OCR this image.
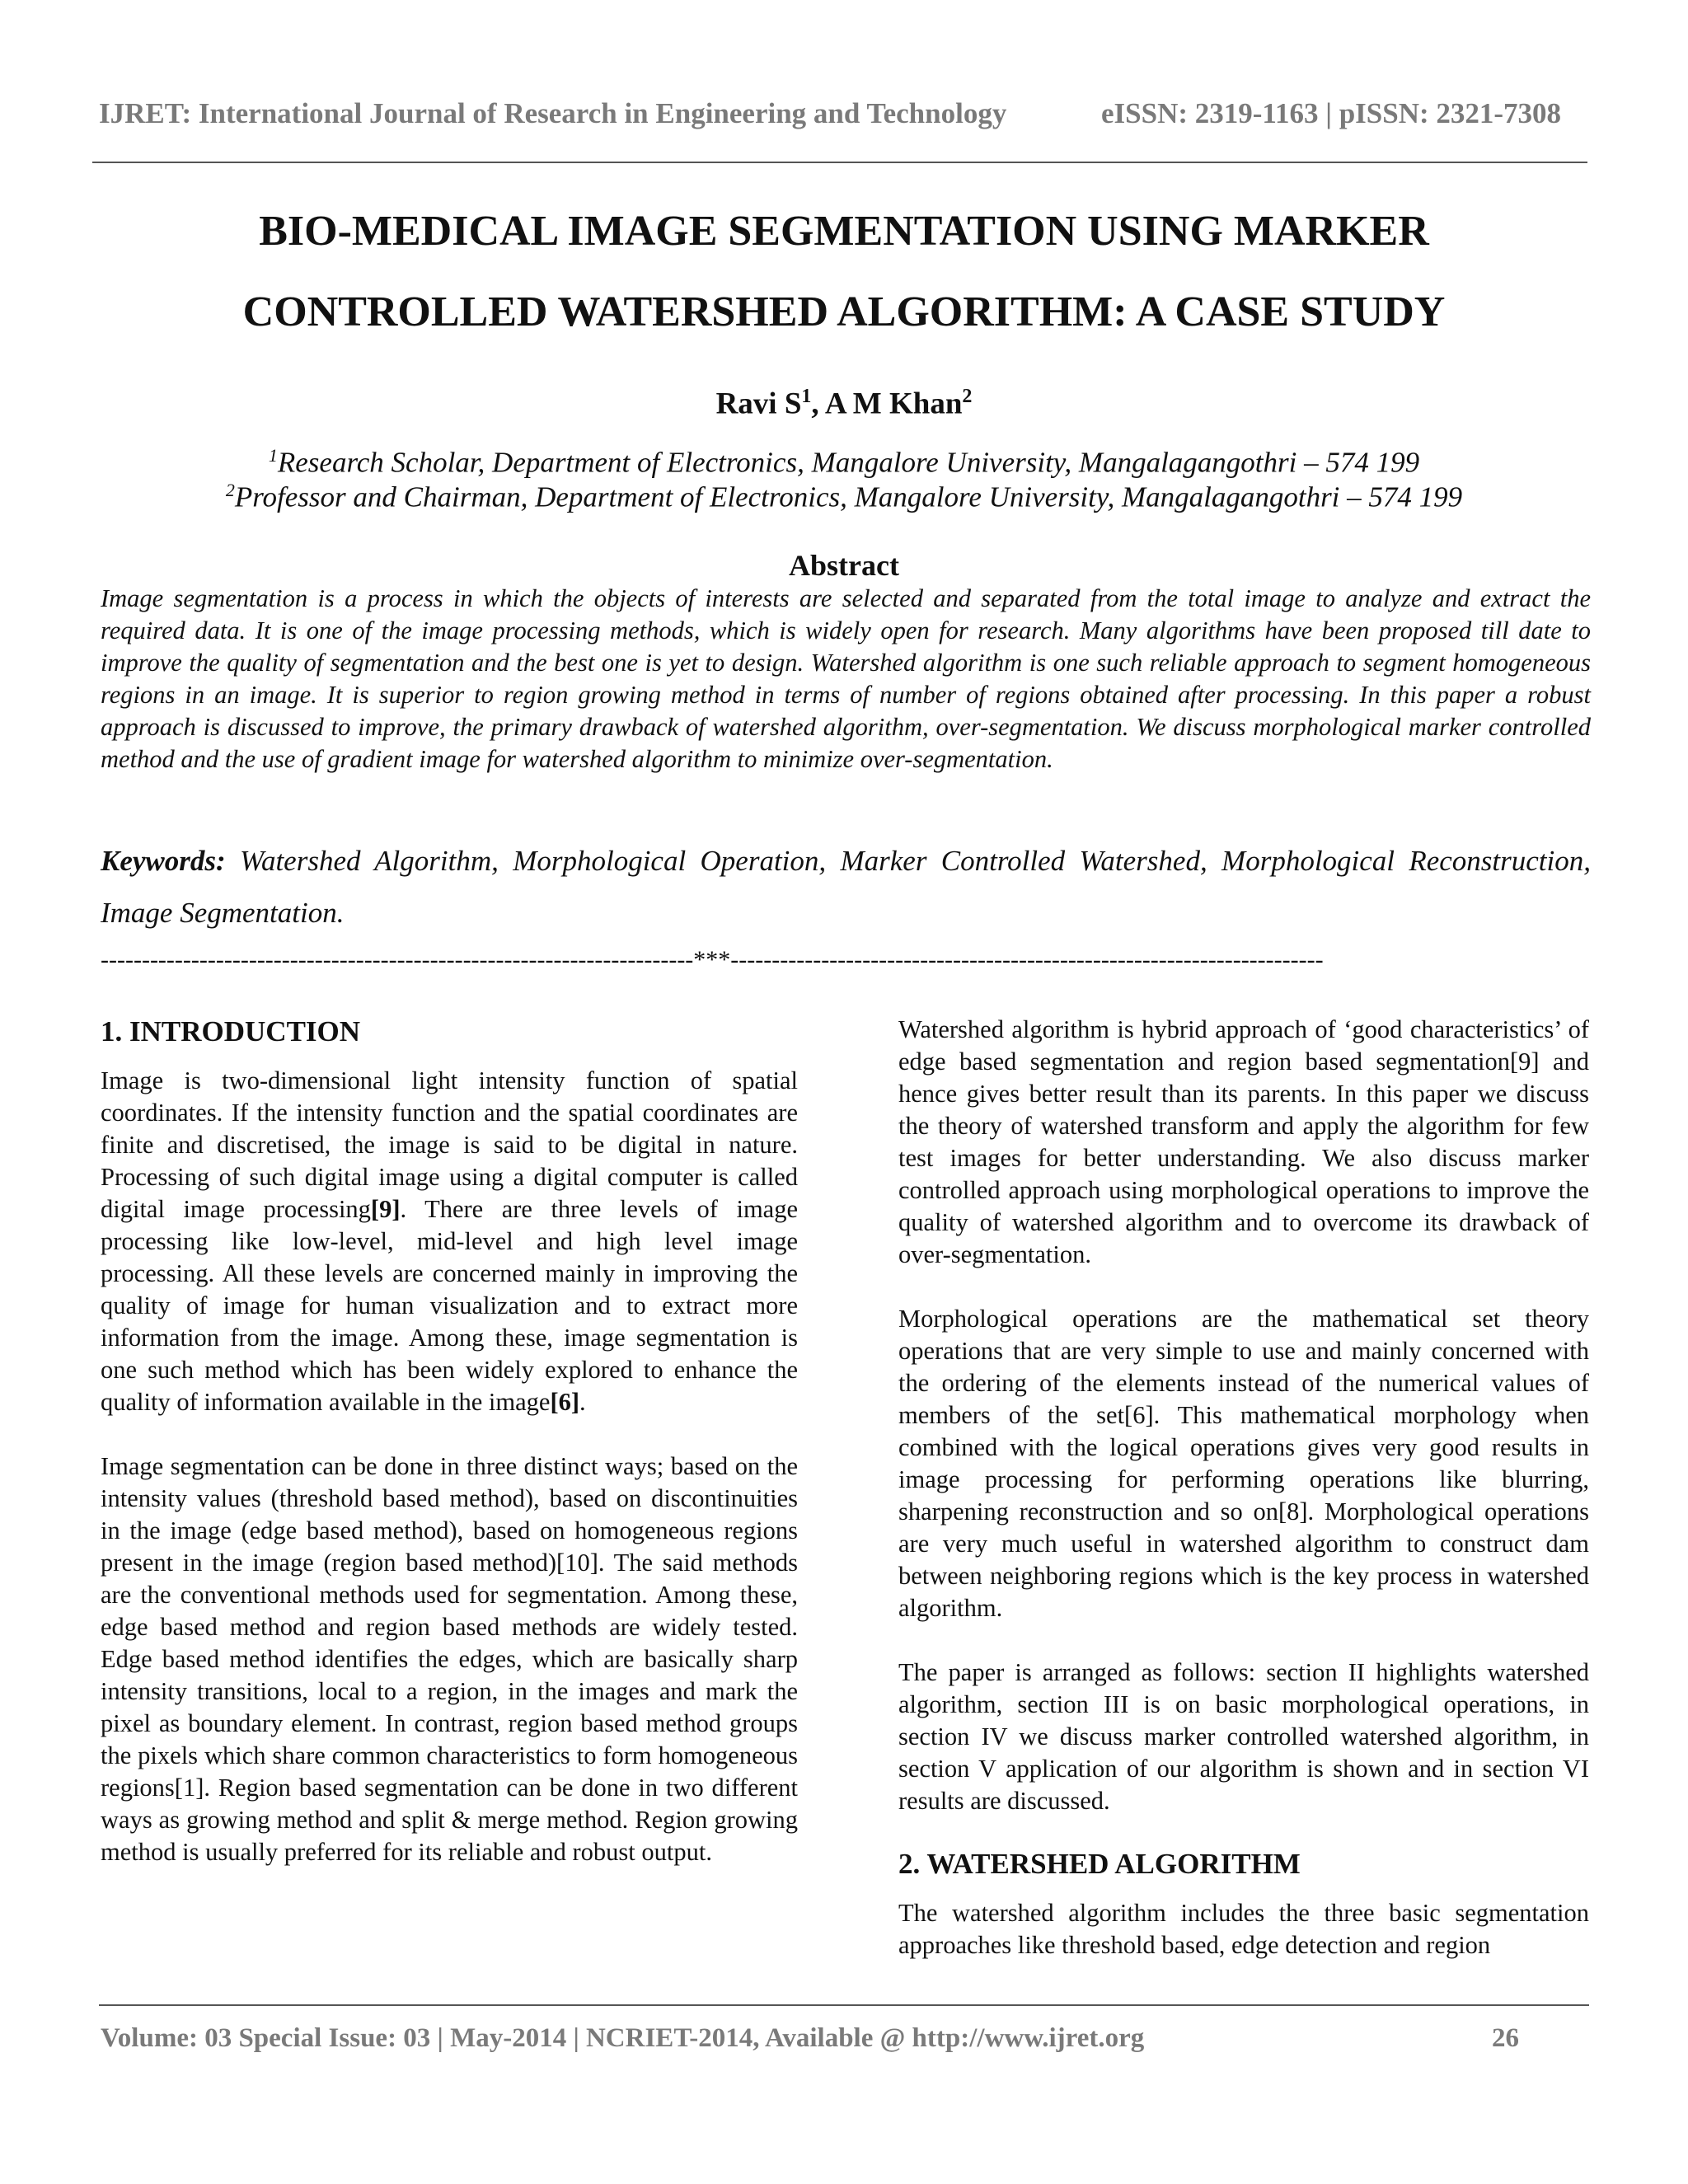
IJRET: International Journal of Research in Engineering and Technology	eISSN: 2319-1163 | pISSN: 2321-7308
BIO-MEDICAL IMAGE SEGMENTATION USING MARKER
CONTROLLED WATERSHED ALGORITHM: A CASE STUDY
Ravi $S^1$, A M Khan$^2$
$^1$Research Scholar, Department of Electronics, Mangalore University, Mangalagangothri – 574 199
$^2$Professor and Chairman, Department of Electronics, Mangalore University, Mangalagangothri – 574 199
Abstract
Image segmentation is a process in which the objects of interests are selected and separated from the total image to analyze and extract the required data. It is one of the image processing methods, which is widely open for research. Many algorithms have been proposed till date to improve the quality of segmentation and the best one is yet to design. Watershed algorithm is one such reliable approach to segment homogeneous regions in an image. It is superior to region growing method in terms of number of regions obtained after processing. In this paper a robust approach is discussed to improve, the primary drawback of watershed algorithm, over-segmentation. We discuss morphological marker controlled method and the use of gradient image for watershed algorithm to minimize over-segmentation.
Keywords: Watershed Algorithm, Morphological Operation, Marker Controlled Watershed, Morphological Reconstruction, Image Segmentation.
------------------------------------------------------------------------***------------------------------------------------------------------------
1. INTRODUCTION

Image is two-dimensional light intensity function of spatial coordinates. If the intensity function and the spatial coordinates are finite and discretised, the image is said to be digital in nature. Processing of such digital image using a digital computer is called digital image processing[9]. There are three levels of image processing like low-level, mid-level and high level image processing. All these levels are concerned mainly in improving the quality of image for human visualization and to extract more information from the image. Among these, image segmentation is one such method which has been widely explored to enhance the quality of information available in the image[6].

Image segmentation can be done in three distinct ways; based on the intensity values (threshold based method), based on discontinuities in the image (edge based method), based on homogeneous regions present in the image (region based method)[10]. The said methods are the conventional methods used for segmentation. Among these, edge based method and region based methods are widely tested. Edge based method identifies the edges, which are basically sharp intensity transitions, local to a region, in the images and mark the pixel as boundary element. In contrast, region based method groups the pixels which share common characteristics to form homogeneous regions[1]. Region based segmentation can be done in two different ways as growing method and split & merge method. Region growing method is usually preferred for its reliable and robust output.

Watershed algorithm is hybrid approach of ‘good characteristics’ of edge based segmentation and region based segmentation[9] and hence gives better result than its parents. In this paper we discuss the theory of watershed transform and apply the algorithm for few test images for better understanding. We also discuss marker controlled approach using morphological operations to improve the quality of watershed algorithm and to overcome its drawback of over-segmentation.

Morphological operations are the mathematical set theory operations that are very simple to use and mainly concerned with the ordering of the elements instead of the numerical values of members of the set[6]. This mathematical morphology when combined with the logical operations gives very good results in image processing for performing operations like blurring, sharpening reconstruction and so on[8]. Morphological operations are very much useful in watershed algorithm to construct dam between neighboring regions which is the key process in watershed algorithm.

The paper is arranged as follows: section II highlights watershed algorithm, section III is on basic morphological operations, in section IV we discuss marker controlled watershed algorithm, in section V application of our algorithm is shown and in section VI results are discussed.

2. WATERSHED ALGORITHM

The watershed algorithm includes the three basic segmentation approaches like threshold based, edge detection and region

Volume: 03 Special Issue: 03 | May-2014 | NCRIET-2014, Available @ http://www.ijret.org	26
